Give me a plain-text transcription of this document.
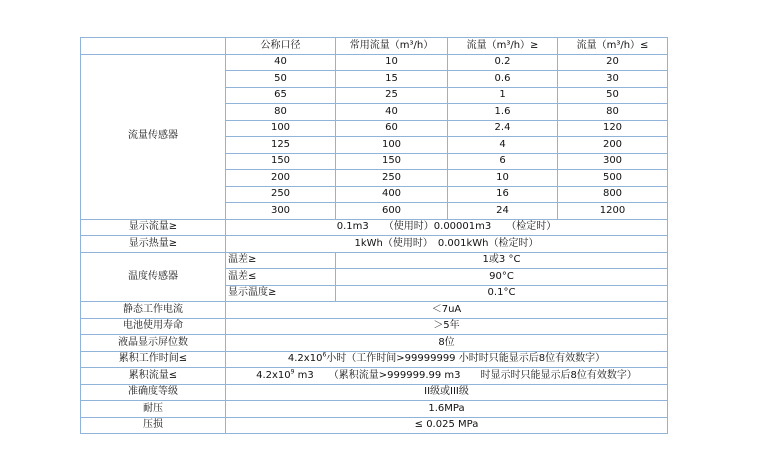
	公称口径	常用流量（m³/h）	流量（m³/h）≥	流量（m³/h）≤
流量传感器	40	10	0.2	20
	50	15	0.6	30
	65	25	1	50
	80	40	1.6	80
	100	60	2.4	120
	125	100	4	200
	150	150	6	300
	200	250	10	500
	250	400	16	800
	300	600	24	1200
显示流量≥	0.1m3　　（使用时）0.00001m3　　（检定时）			
显示热量≥	1kWh（使用时）　0.001kWh（检定时）			
温度传感器	温差≥	1或3 °C		
	温差≤	90°C		
	显示温度≥	0.1°C		
静态工作电流	＜7uA			
电池使用寿命	＞5年			
液晶显示屏位数	8位			
累积工作时间≤	$4.2x10^6$小时（工作时间>99999999 小时时只能显示后8位有效数字）			
累积流量≤	$4.2x10^9$ m3　　（累积流量>999999.99 m3　　时显示时只能显示后8位有效数字）			
准确度等级	II级或III级			
耐压	1.6MPa			
压损	≤ 0.025 MPa			
